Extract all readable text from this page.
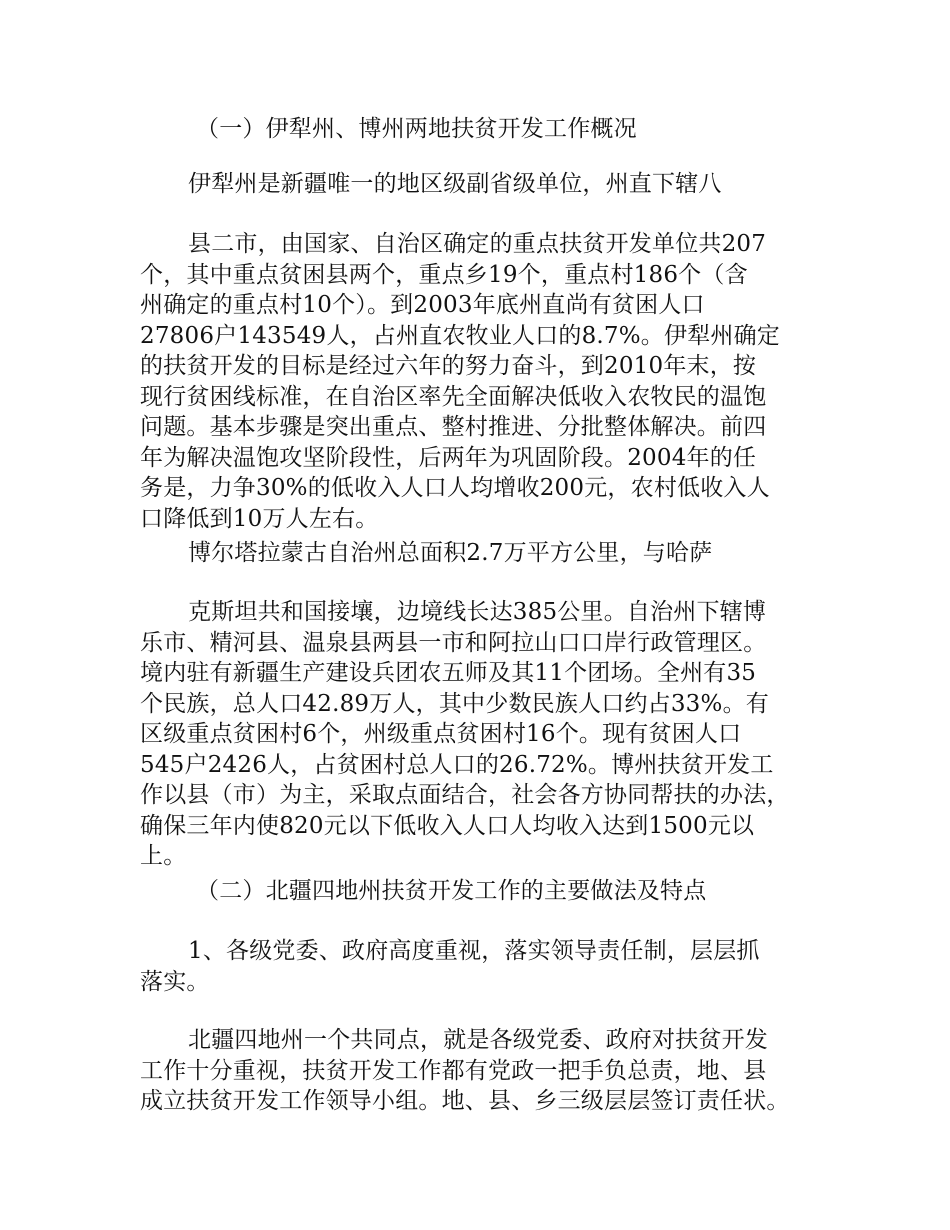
（一）伊犁州、博州两地扶贫开发工作概况
伊犁州是新疆唯一的地区级副省级单位，州直下辖八
县二市，由国家、自治区确定的重点扶贫开发单位共207
个，其中重点贫困县两个，重点乡19个，重点村186个（含
州确定的重点村10个）。到2003年底州直尚有贫困人口
27806户143549人，占州直农牧业人口的8.7%。伊犁州确定
的扶贫开发的目标是经过六年的努力奋斗，到2010年末，按
现行贫困线标准，在自治区率先全面解决低收入农牧民的温饱
问题。基本步骤是突出重点、整村推进、分批整体解决。前四
年为解决温饱攻坚阶段性，后两年为巩固阶段。2004年的任
务是，力争30%的低收入人口人均增收200元，农村低收入人
口降低到10万人左右。
博尔塔拉蒙古自治州总面积2.7万平方公里，与哈萨
克斯坦共和国接壤，边境线长达385公里。自治州下辖博
乐市、精河县、温泉县两县一市和阿拉山口口岸行政管理区。
境内驻有新疆生产建设兵团农五师及其11个团场。全州有35
个民族，总人口42.89万人，其中少数民族人口约占33%。有
区级重点贫困村6个，州级重点贫困村16个。现有贫困人口
545户2426人，占贫困村总人口的26.72%。博州扶贫开发工
作以县（市）为主，采取点面结合，社会各方协同帮扶的办法，
确保三年内使820元以下低收入人口人均收入达到1500元以
上。
（二）北疆四地州扶贫开发工作的主要做法及特点
1、各级党委、政府高度重视，落实领导责任制，层层抓
落实。
北疆四地州一个共同点，就是各级党委、政府对扶贫开发
工作十分重视，扶贫开发工作都有党政一把手负总责，地、县
成立扶贫开发工作领导小组。地、县、乡三级层层签订责任状。
